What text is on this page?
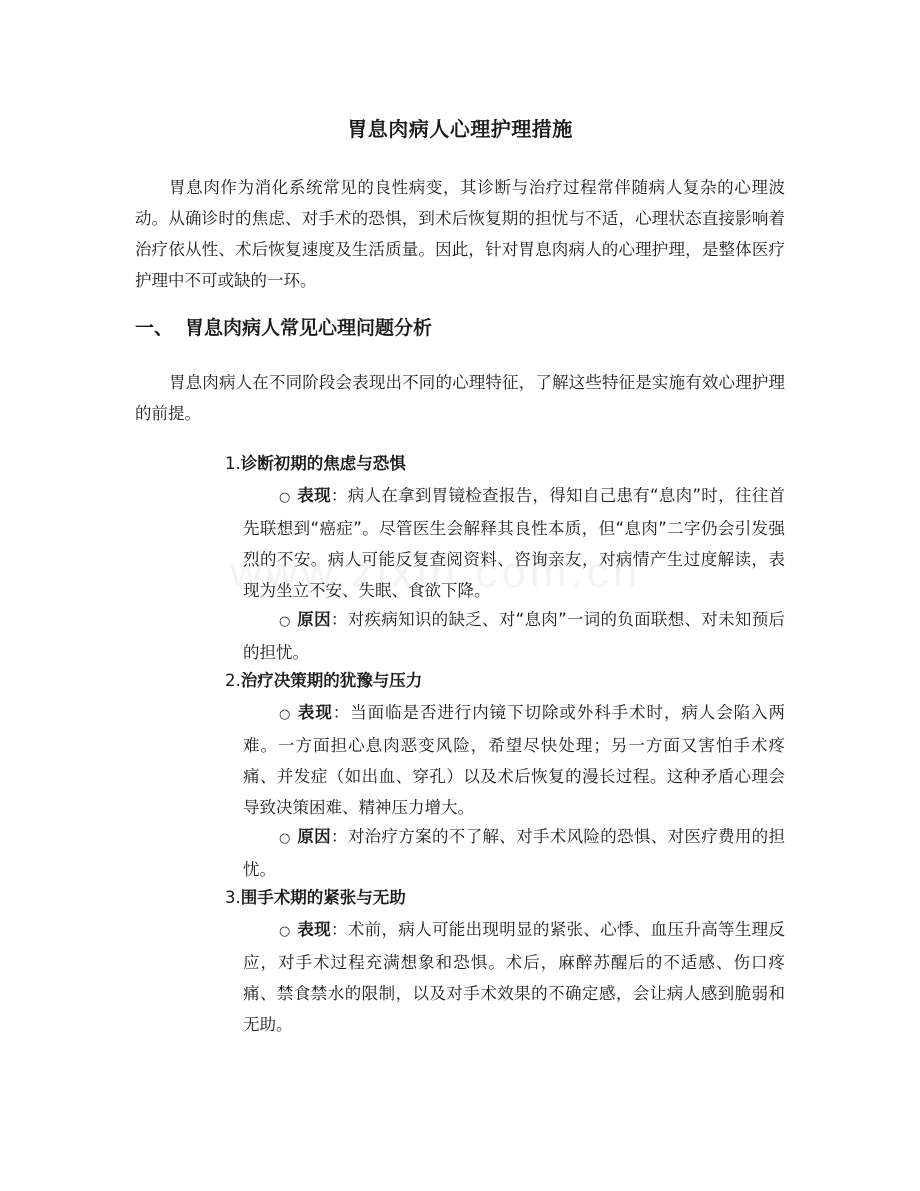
胃息肉病人心理护理措施

胃息肉作为消化系统常见的良性病变，其诊断与治疗过程常伴随病人复杂的心理波动。从确诊时的焦虑、对手术的恐惧，到术后恢复期的担忧与不适，心理状态直接影响着治疗依从性、术后恢复速度及生活质量。因此，针对胃息肉病人的心理护理，是整体医疗护理中不可或缺的一环。

一、 胃息肉病人常见心理问题分析

胃息肉病人在不同阶段会表现出不同的心理特征，了解这些特征是实施有效心理护理的前提。

1.诊断初期的焦虑与恐惧

○ 表现：病人在拿到胃镜检查报告，得知自己患有“息肉”时，往往首先联想到“癌症”。尽管医生会解释其良性本质，但“息肉”二字仍会引发强烈的不安。病人可能反复查阅资料、咨询亲友，对病情产生过度解读，表现为坐立不安、失眠、食欲下降。

○ 原因：对疾病知识的缺乏、对“息肉”一词的负面联想、对未知预后的担忧。

2.治疗决策期的犹豫与压力

○ 表现：当面临是否进行内镜下切除或外科手术时，病人会陷入两难。一方面担心息肉恶变风险，希望尽快处理；另一方面又害怕手术疼痛、并发症（如出血、穿孔）以及术后恢复的漫长过程。这种矛盾心理会导致决策困难、精神压力增大。

○ 原因：对治疗方案的不了解、对手术风险的恐惧、对医疗费用的担忧。

3.围手术期的紧张与无助

○ 表现：术前，病人可能出现明显的紧张、心悸、血压升高等生理反应，对手术过程充满想象和恐惧。术后，麻醉苏醒后的不适感、伤口疼痛、禁食禁水的限制，以及对手术效果的不确定感，会让病人感到脆弱和无助。
